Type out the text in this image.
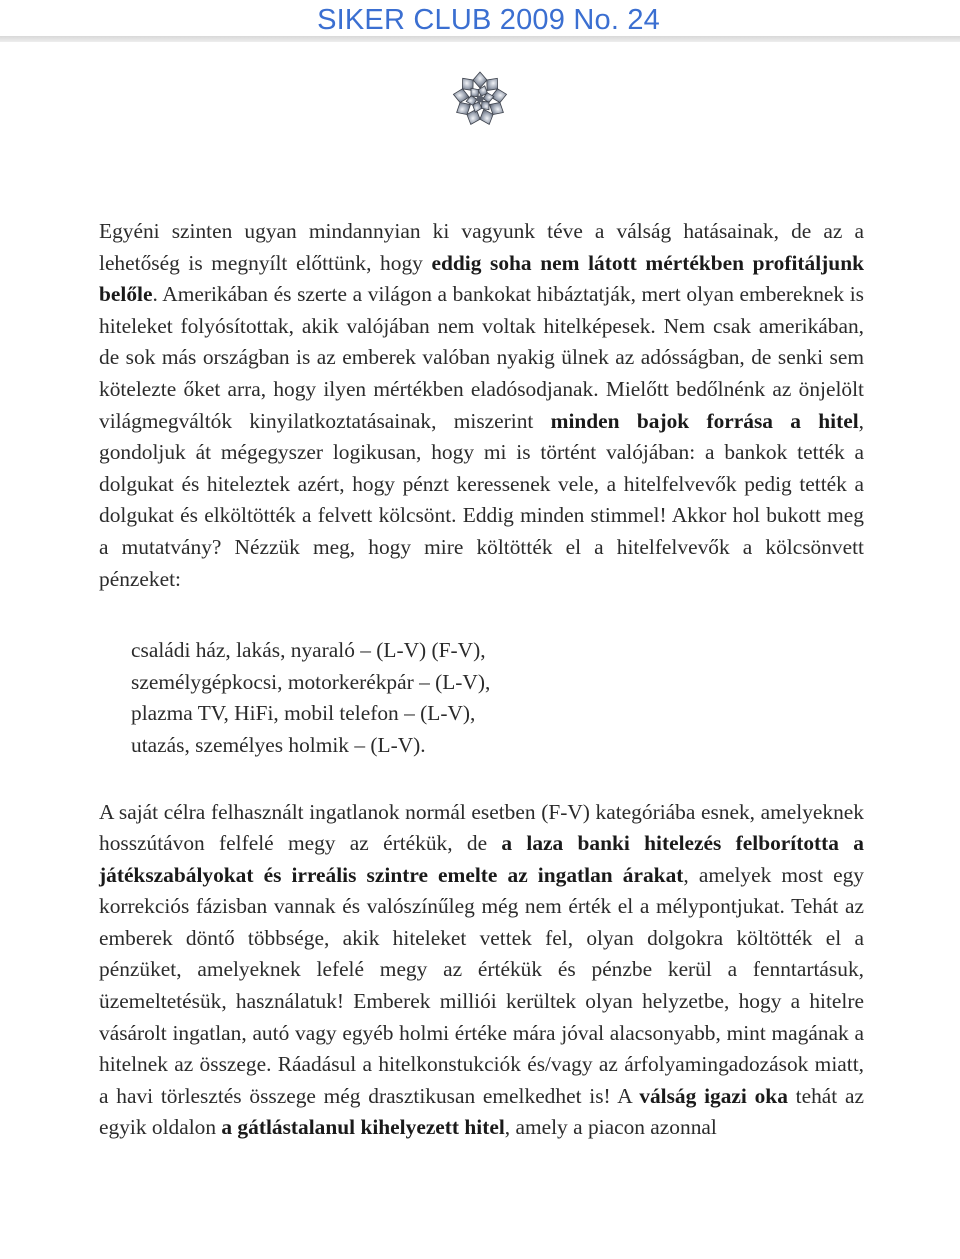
SIKER CLUB 2009 No. 24

Egyéni szinten ugyan mindannyian ki vagyunk téve a válság hatásainak, de az a lehetőség is megnyílt előttünk, hogy eddig soha nem látott mértékben profitáljunk belőle. Amerikában és szerte a világon a bankokat hibáztatják, mert olyan embereknek is hiteleket folyósítottak, akik valójában nem voltak hitelképesek. Nem csak amerikában, de sok más országban is az emberek valóban nyakig ülnek az adósságban, de senki sem kötelezte őket arra, hogy ilyen mértékben eladósodjanak. Mielőtt bedőlnénk az önjelölt világmegváltók kinyilatkoztatásainak, miszerint minden bajok forrása a hitel, gondoljuk át mégegyszer logikusan, hogy mi is történt valójában: a bankok tették a dolgukat és hiteleztek azért, hogy pénzt keressenek vele, a hitelfelvevők pedig tették a dolgukat és elköltötték a felvett kölcsönt. Eddig minden stimmel! Akkor hol bukott meg a mutatvány? Nézzük meg, hogy mire költötték el a hitelfelvevők a kölcsönvett pénzeket:

családi ház, lakás, nyaraló – (L-V) (F-V),
személygépkocsi, motorkerékpár – (L-V),
plazma TV, HiFi, mobil telefon – (L-V),
utazás, személyes holmik – (L-V).

A saját célra felhasznált ingatlanok normál esetben (F-V) kategóriába esnek, amelyeknek hosszútávon felfelé megy az értékük, de a laza banki hitelezés felborította a játékszabályokat és irreális szintre emelte az ingatlan árakat, amelyek most egy korrekciós fázisban vannak és valószínűleg még nem érték el a mélypontjukat. Tehát az emberek döntő többsége, akik hiteleket vettek fel, olyan dolgokra költötték el a pénzüket, amelyeknek lefelé megy az értékük és pénzbe kerül a fenntartásuk, üzemeltetésük, használatuk! Emberek milliói kerültek olyan helyzetbe, hogy a hitelre vásárolt ingatlan, autó vagy egyéb holmi értéke mára jóval alacsonyabb, mint magának a hitelnek az összege. Ráadásul a hitelkonstukciók és/vagy az árfolyamingadozások miatt, a havi törlesztés összege még drasztikusan emelkedhet is! A válság igazi oka tehát az egyik oldalon a gátlástalanul kihelyezett hitel, amely a piacon azonnal
